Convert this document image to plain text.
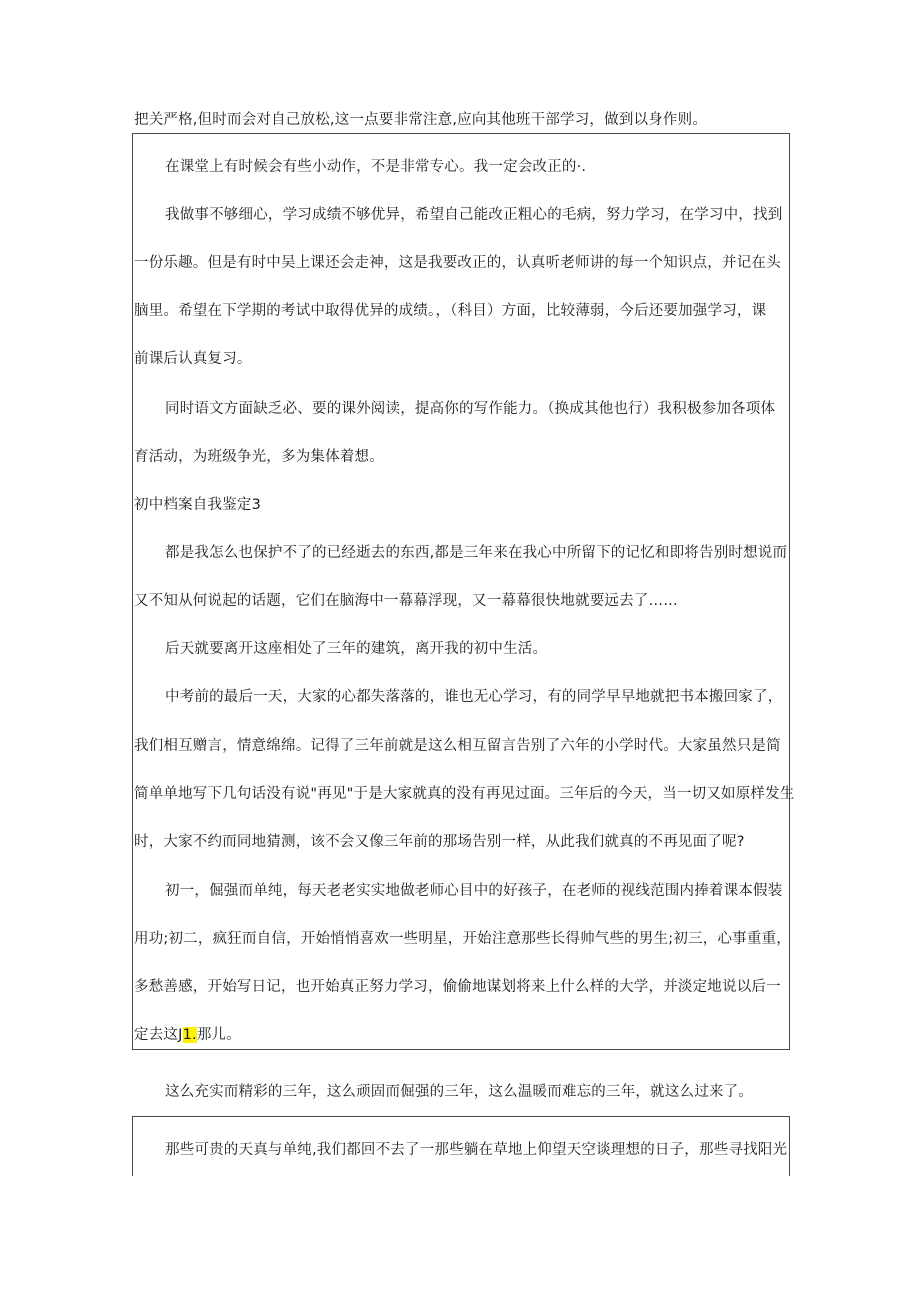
把关严格,但时而会对自己放松,这一点要非常注意,应向其他班干部学习，做到以身作则。
在课堂上有时候会有些小动作，不是非常专心。我一定会改正的·.
我做事不够细心，学习成绩不够优异，希望自己能改正粗心的毛病，努力学习，在学习中，找到
一份乐趣。但是有时中吴上课还会走神，这是我要改正的，认真听老师讲的每一个知识点，并记在头
脑里。希望在下学期的考试中取得优异的成绩。，（科目）方面，比较薄弱，今后还要加强学习，课
前课后认真复习。
同时语文方面缺乏必、要的课外阅读，提高你的写作能力。（换成其他也行）我积极参加各项体
育活动，为班级争光，多为集体着想。
初中档案自我鉴定3
都是我怎么也保护不了的已经逝去的东西,都是三年来在我心中所留下的记忆和即将告别时想说而
又不知从何说起的话题，它们在脑海中一幕幕浮现，又一幕幕很快地就要远去了……
后天就要离开这座相处了三年的建筑，离开我的初中生活。
中考前的最后一天，大家的心都失落落的，谁也无心学习，有的同学早早地就把书本搬回家了，
我们相互赠言，情意绵绵。记得了三年前就是这么相互留言告别了六年的小学时代。大家虽然只是简
简单单地写下几句话没有说"再见"于是大家就真的没有再见过面。三年后的今天，当一切又如原样发生
时，大家不约而同地猜测，该不会又像三年前的那场告别一样，从此我们就真的不再见面了呢?
初一，倔强而单纯，每天老老实实地做老师心目中的好孩子，在老师的视线范围内捧着课本假装
用功;初二，疯狂而自信，开始悄悄喜欢一些明星，开始注意那些长得帅气些的男生;初三，心事重重，
多愁善感，开始写日记，也开始真正努力学习，偷偷地谋划将来上什么样的大学，并淡定地说以后一
定去这J1.那儿。
这么充实而精彩的三年，这么顽固而倔强的三年，这么温暖而难忘的三年，就这么过来了。
那些可贵的天真与单纯,我们都回不去了一那些躺在草地上仰望天空谈理想的日子，那些寻找阳光
